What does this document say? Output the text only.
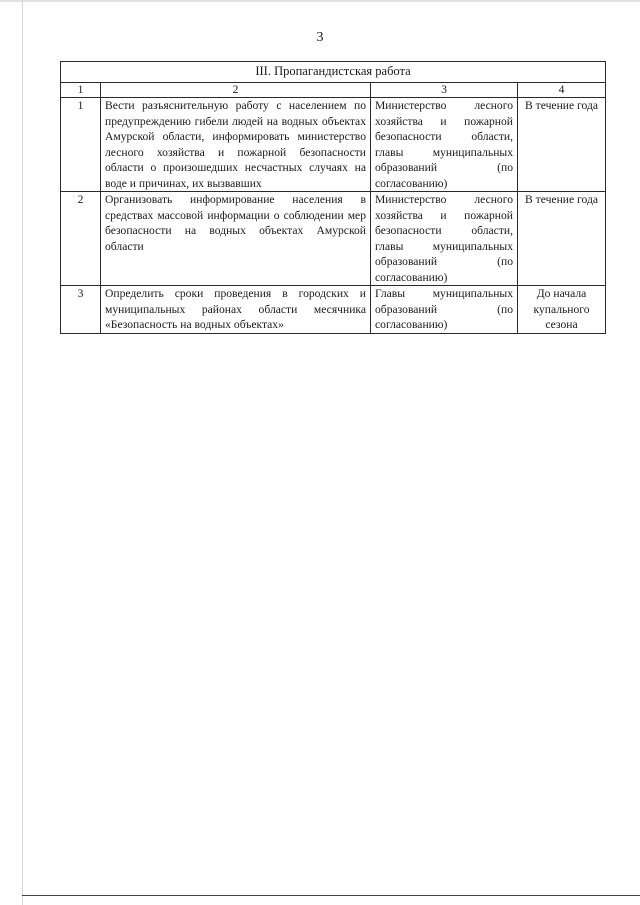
3
III. Пропагандистская работа			
1	2	3	4
1	Вести разъяснительную работу с населением по предупреждению гибели людей на водных объектах Амурской области, информировать министерство лесного хозяйства и пожарной безопасности области о произошедших несчастных случаях на воде и причинах, их вызвавших	Министерство лесного хозяйства и пожарной безопасности области, главы муниципальных образований (по согласованию)	В течение года
2	Организовать информирование населения в средствах массовой информации о соблюдении мер безопасности на водных объектах Амурской области	Министерство лесного хозяйства и пожарной безопасности области, главы муниципальных образований (по согласованию)	В течение года
3	Определить сроки проведения в городских и муниципальных районах области месячника «Безопасность на водных объектах»	Главы муниципальных образований (по согласованию)	До начала купального сезона
